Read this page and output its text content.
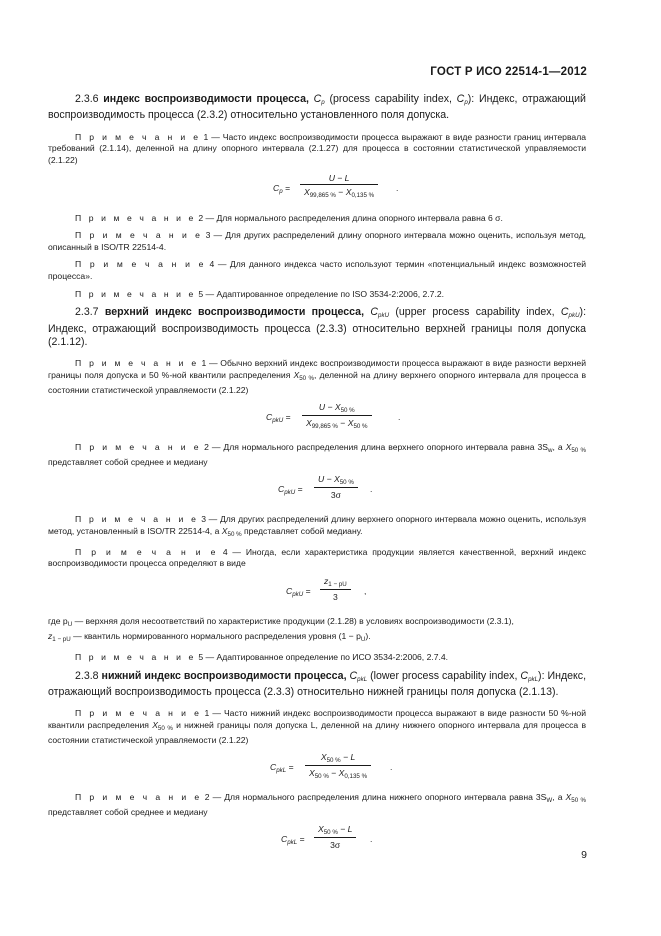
ГОСТ Р ИСО 22514-1—2012

2.3.6 индекс воспроизводимости процесса, $C_p$ (process capability index, $C_p$): Индекс, отражающий воспроизводимость процесса (2.3.2) относительно установленного поля допуска.

П р и м е ч а н и е 1 — Часто индекс воспроизводимости процесса выражают в виде разности границ интервала требований (2.1.14), деленной на длину опорного интервала (2.1.27) для процесса в состоянии статистической управляемости (2.1.22)

$C_p = \frac{U - L}{X_{99,865 \%} - X_{0,135 \%}}$ .

П р и м е ч а н и е 2 — Для нормального распределения длина опорного интервала равна 6 σ.

П р и м е ч а н и е 3 — Для других распределений длину опорного интервала можно оценить, используя метод, описанный в ISO/TR 22514-4.

П р и м е ч а н и е 4 — Для данного индекса часто используют термин «потенциальный индекс возможностей процесса».

П р и м е ч а н и е 5 — Адаптированное определение по ISO 3534-2:2006, 2.7.2.

2.3.7 верхний индекс воспроизводимости процесса, $C_{pkU}$ (upper process capability index, $C_{pkU}$): Индекс, отражающий воспроизводимость процесса (2.3.3) относительно верхней границы поля допуска (2.1.12).

П р и м е ч а н и е 1 — Обычно верхний индекс воспроизводимости процесса выражают в виде разности верхней границы поля допуска и 50 %-ной квантили распределения $X_{50 \%}$, деленной на длину верхнего опорного интервала для процесса в состоянии статистической управляемости (2.1.22)

$C_{pkU} = \frac{U - X_{50 \%}}{X_{99,865 \%} - X_{50 \%}}$	.

П р и м е ч а н и е 2 — Для нормального распределения длина верхнего опорного интервала равна $3S_w$, а $X_{50 \%}$ представляет собой среднее и медиану

$C_{pkU} = \frac{U - X_{50 \%}}{3\sigma}$ .

П р и м е ч а н и е 3 — Для других распределений длину верхнего опорного интервала можно оценить, используя метод, установленный в ISO/TR 22514-4, а $X_{50 \%}$ представляет собой медиану.

П р и м е ч а н и е 4 — Иногда, если характеристика продукции является качественной, верхний индекс воспроизводимости процесса определяют в виде

$C_{pkU} = \frac{z_{1 - pU}}{3}$ ,

где $p_U$ — верхняя доля несоответствий по характеристике продукции (2.1.28) в условиях воспроизводимости (2.3.1),

$z_{1 - pU}$ — квантиль нормированного нормального распределения уровня $(1 - p_U)$.

П р и м е ч а н и е 5 — Адаптированное определение по ИСО 3534-2:2006, 2.7.4.

2.3.8 нижний индекс воспроизводимости процесса, $C_{pkL}$ (lower process capability index, $C_{pkL}$): Индекс, отражающий воспроизводимость процесса (2.3.3) относительно нижней границы поля допуска (2.1.13).

П р и м е ч а н и е 1 — Часто нижний индекс воспроизводимости процесса выражают в виде разности 50 %-ной квантили распределения $X_{50 \%}$ и нижней границы поля допуска L, деленной на длину нижнего опорного интервала для процесса в состоянии статистической управляемости (2.1.22)

$C_{pkL} = \frac{X_{50 \%} - L}{X_{50 \%} - X_{0,135 \%}}$ .

П р и м е ч а н и е 2 — Для нормального распределения длина нижнего опорного интервала равна $3S_W$, а $X_{50 \%}$ представляет собой среднее и медиану

$C_{pkL} = \frac{X_{50 \%} - L}{3\sigma}$ .
9
